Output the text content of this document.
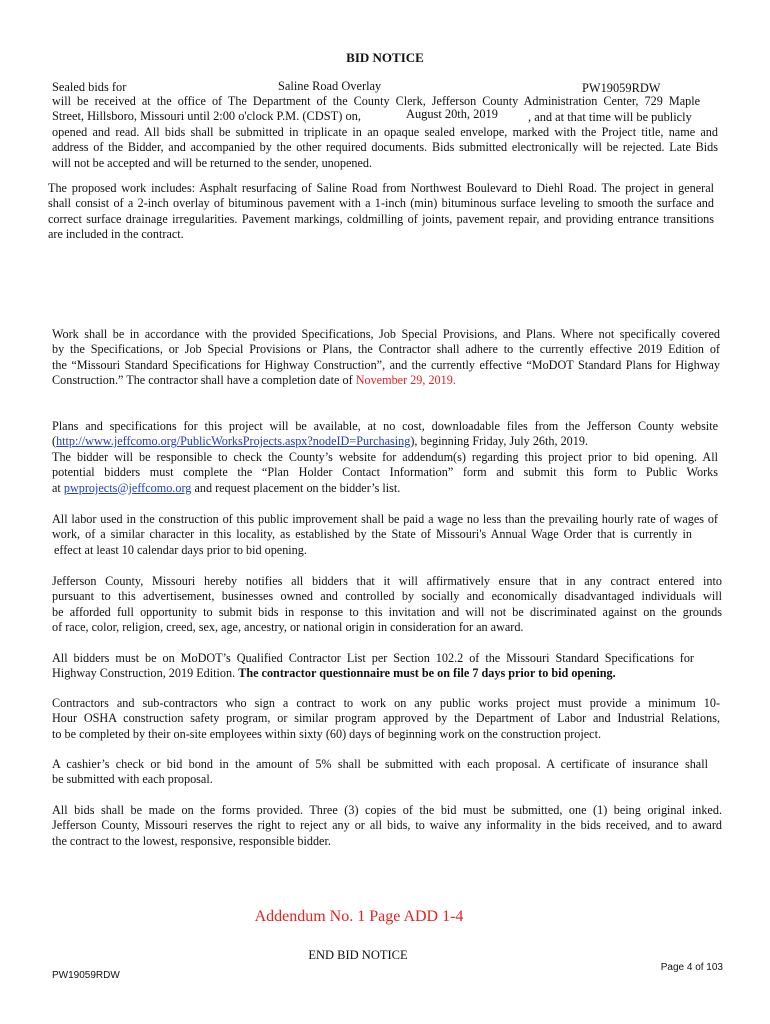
BID NOTICE
Sealed bids for	Saline Road Overlay	PW19059RDW
will be received at the office of The Department of the County Clerk, Jefferson County Administration Center, 729 Maple
Street, Hillsboro, Missouri until 2:00 o'clock P.M. (CDST) on,	August 20th, 2019 , and at that time will be publicly
opened and read. All bids shall be submitted in triplicate in an opaque sealed envelope, marked with the Project title, name and
address of the Bidder, and accompanied by the other required documents. Bids submitted electronically will be rejected. Late Bids
will not be accepted and will be returned to the sender, unopened.
The proposed work includes: Asphalt resurfacing of Saline Road from Northwest Boulevard to Diehl Road. The project in general
shall consist of a 2-inch overlay of bituminous pavement with a 1-inch (min) bituminous surface leveling to smooth the surface and
correct surface drainage irregularities. Pavement markings, coldmilling of joints, pavement repair, and providing entrance transitions
are included in the contract.
Work shall be in accordance with the provided Specifications, Job Special Provisions, and Plans. Where not specifically covered
by the Specifications, or Job Special Provisions or Plans, the Contractor shall adhere to the currently effective 2019 Edition of
the “Missouri Standard Specifications for Highway Construction”, and the currently effective “MoDOT Standard Plans for Highway
Construction.” The contractor shall have a completion date of November 29, 2019.
Plans and specifications for this project will be available, at no cost, downloadable files from the Jefferson County website
(http://www.jeffcomo.org/PublicWorksProjects.aspx?nodeID=Purchasing), beginning Friday, July 26th, 2019.
The bidder will be responsible to check the County’s website for addendum(s) regarding this project prior to bid opening. All
potential bidders must complete the “Plan Holder Contact Information” form and submit this form to Public Works
at pwprojects@jeffcomo.org and request placement on the bidder’s list.
All labor used in the construction of this public improvement shall be paid a wage no less than the prevailing hourly rate of wages of
work, of a similar character in this locality, as established by the State of Missouri's Annual Wage Order that is currently in
effect at least 10 calendar days prior to bid opening.
Jefferson County, Missouri hereby notifies all bidders that it will affirmatively ensure that in any contract entered into
pursuant to this advertisement, businesses owned and controlled by socially and economically disadvantaged individuals will
be afforded full opportunity to submit bids in response to this invitation and will not be discriminated against on the grounds
of race, color, religion, creed, sex, age, ancestry, or national origin in consideration for an award.
All bidders must be on MoDOT’s Qualified Contractor List per Section 102.2 of the Missouri Standard Specifications for
Highway Construction, 2019 Edition. The contractor questionnaire must be on file 7 days prior to bid opening.
Contractors and sub-contractors who sign a contract to work on any public works project must provide a minimum 10-
Hour OSHA construction safety program, or similar program approved by the Department of Labor and Industrial Relations,
to be completed by their on-site employees within sixty (60) days of beginning work on the construction project.
A cashier’s check or bid bond in the amount of 5% shall be submitted with each proposal. A certificate of insurance shall
be submitted with each proposal.
All bids shall be made on the forms provided. Three (3) copies of the bid must be submitted, one (1) being original inked.
Jefferson County, Missouri reserves the right to reject any or all bids, to waive any informality in the bids received, and to award
the contract to the lowest, responsive, responsible bidder.
Addendum No. 1 Page ADD 1-4
END BID NOTICE
PW19059RDW
Page 4 of 103
